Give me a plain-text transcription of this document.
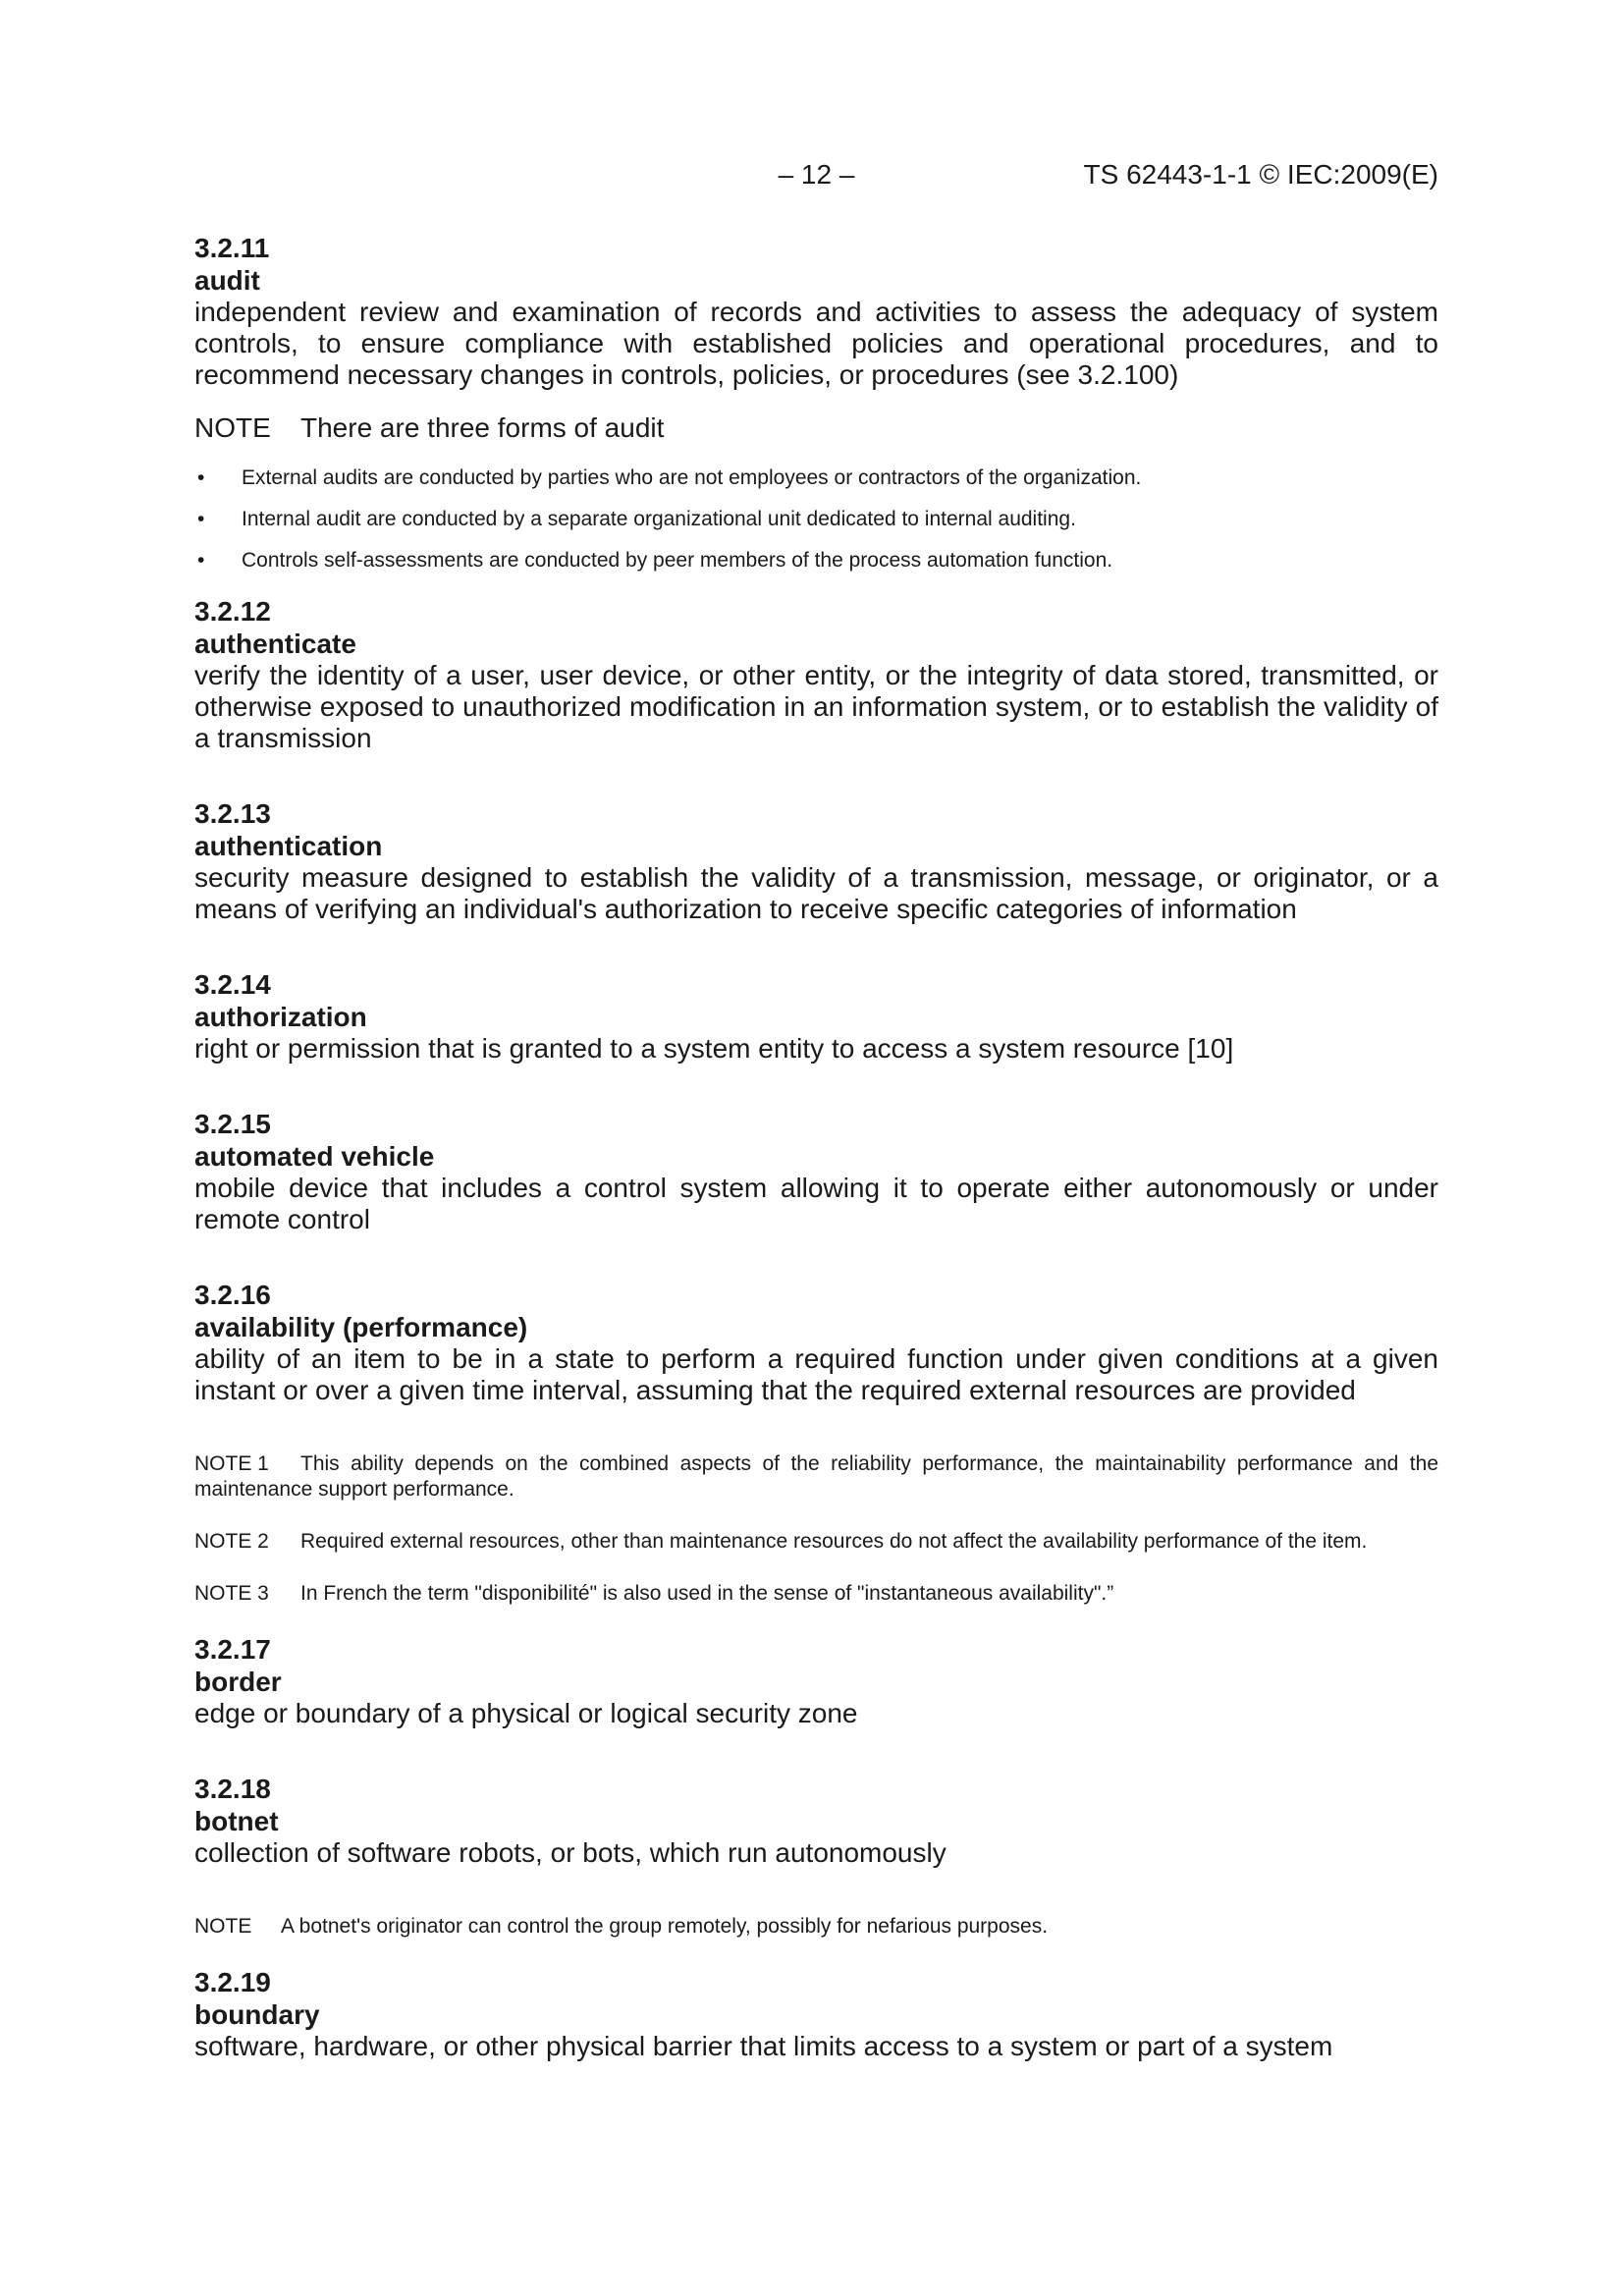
– 12 –	TS 62443-1-1 © IEC:2009(E)

3.2.11

audit

independent review and examination of records and activities to assess the adequacy of system controls, to ensure compliance with established policies and operational procedures, and to recommend necessary changes in controls, policies, or procedures (see 3.2.100)

NOTE There are three forms of audit

• External audits are conducted by parties who are not employees or contractors of the organization.
• Internal audit are conducted by a separate organizational unit dedicated to internal auditing.
• Controls self-assessments are conducted by peer members of the process automation function.

3.2.12

authenticate

verify the identity of a user, user device, or other entity, or the integrity of data stored, transmitted, or otherwise exposed to unauthorized modification in an information system, or to establish the validity of a transmission

3.2.13

authentication

security measure designed to establish the validity of a transmission, message, or originator, or a means of verifying an individual's authorization to receive specific categories of information

3.2.14

authorization

right or permission that is granted to a system entity to access a system resource [10]

3.2.15

automated vehicle

mobile device that includes a control system allowing it to operate either autonomously or under remote control

3.2.16

availability (performance)

ability of an item to be in a state to perform a required function under given conditions at a given instant or over a given time interval, assuming that the required external resources are provided

NOTE 1 This ability depends on the combined aspects of the reliability performance, the maintainability performance and the maintenance support performance.

NOTE 2 Required external resources, other than maintenance resources do not affect the availability performance of the item.

NOTE 3 In French the term "disponibilité" is also used in the sense of "instantaneous availability".”

3.2.17

border

edge or boundary of a physical or logical security zone

3.2.18

botnet

collection of software robots, or bots, which run autonomously

NOTE A botnet's originator can control the group remotely, possibly for nefarious purposes.

3.2.19

boundary

software, hardware, or other physical barrier that limits access to a system or part of a system
